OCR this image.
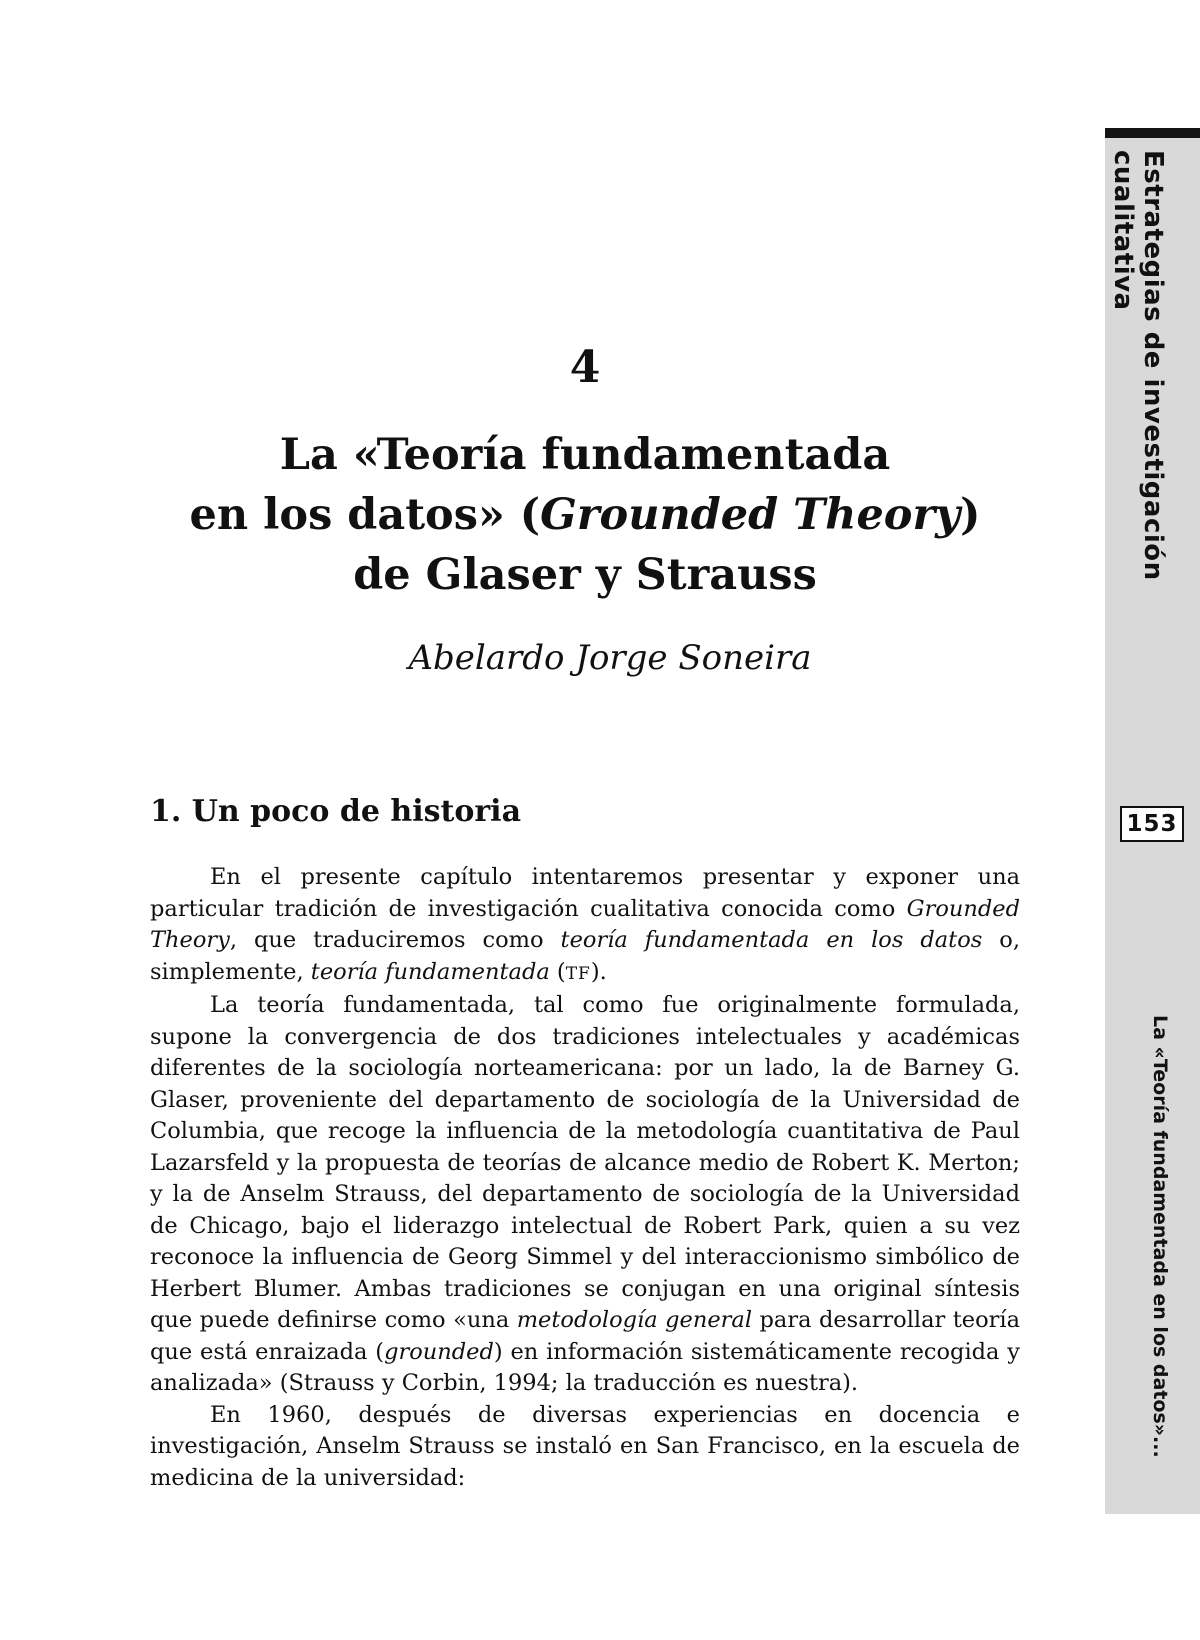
4
La «Teoría fundamentada
en los datos» (Grounded Theory)
de Glaser y Strauss
Abelardo Jorge Soneira
1. Un poco de historia

En el presente capítulo intentaremos presentar y exponer una particular tradición de investigación cualitativa conocida como Grounded Theory, que traduciremos como teoría fundamentada en los datos o, simplemente, teoría fundamentada (TF).

La teoría fundamentada, tal como fue originalmente formulada, supone la convergencia de dos tradiciones intelectuales y académicas diferentes de la sociología norteamericana: por un lado, la de Barney G. Glaser, proveniente del departamento de sociología de la Universidad de Columbia, que recoge la influencia de la metodología cuantitativa de Paul Lazarsfeld y la propuesta de teorías de alcance medio de Robert K. Merton; y la de Anselm Strauss, del departamento de sociología de la Universidad de Chicago, bajo el liderazgo intelectual de Robert Park, quien a su vez reconoce la influencia de Georg Simmel y del interaccionismo simbólico de Herbert Blumer. Ambas tradiciones se conjugan en una original síntesis que puede definirse como «una metodología general para desarrollar teoría que está enraizada (grounded) en información sistemáticamente recogida y analizada» (Strauss y Corbin, 1994; la traducción es nuestra).

En 1960, después de diversas experiencias en docencia e investigación, Anselm Strauss se instaló en San Francisco, en la escuela de medicina de la universidad:

Estrategias de investigación cualitativa
153
La «Teoría fundamentada en los datos»...
